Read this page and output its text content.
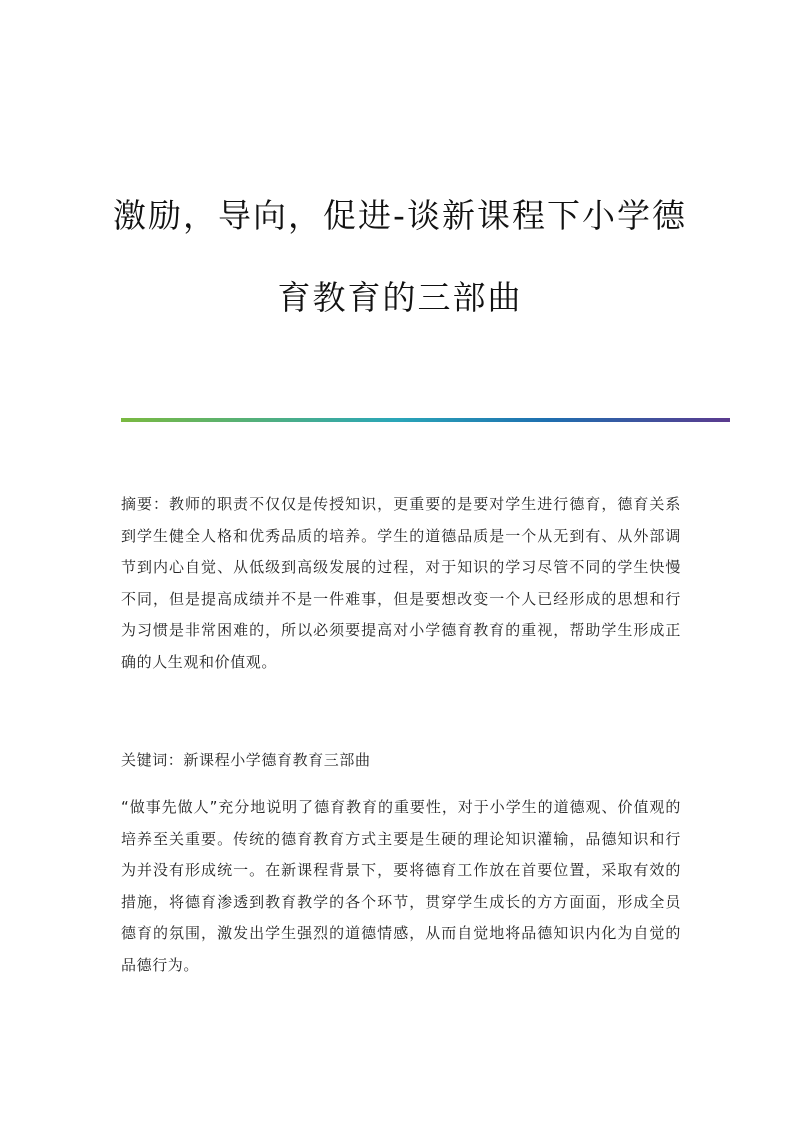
激励，导向，促进-谈新课程下小学德
育教育的三部曲

摘要：教师的职责不仅仅是传授知识，更重要的是要对学生进行德育，德育关系到学生健全人格和优秀品质的培养。学生的道德品质是一个从无到有、从外部调节到内心自觉、从低级到高级发展的过程，对于知识的学习尽管不同的学生快慢不同，但是提高成绩并不是一件难事，但是要想改变一个人已经形成的思想和行为习惯是非常困难的，所以必须要提高对小学德育教育的重视，帮助学生形成正确的人生观和价值观。

关键词：新课程小学德育教育三部曲

“做事先做人”充分地说明了德育教育的重要性，对于小学生的道德观、价值观的培养至关重要。传统的德育教育方式主要是生硬的理论知识灌输，品德知识和行为并没有形成统一。在新课程背景下，要将德育工作放在首要位置，采取有效的措施，将德育渗透到教育教学的各个环节，贯穿学生成长的方方面面，形成全员德育的氛围，激发出学生强烈的道德情感，从而自觉地将品德知识内化为自觉的品德行为。
